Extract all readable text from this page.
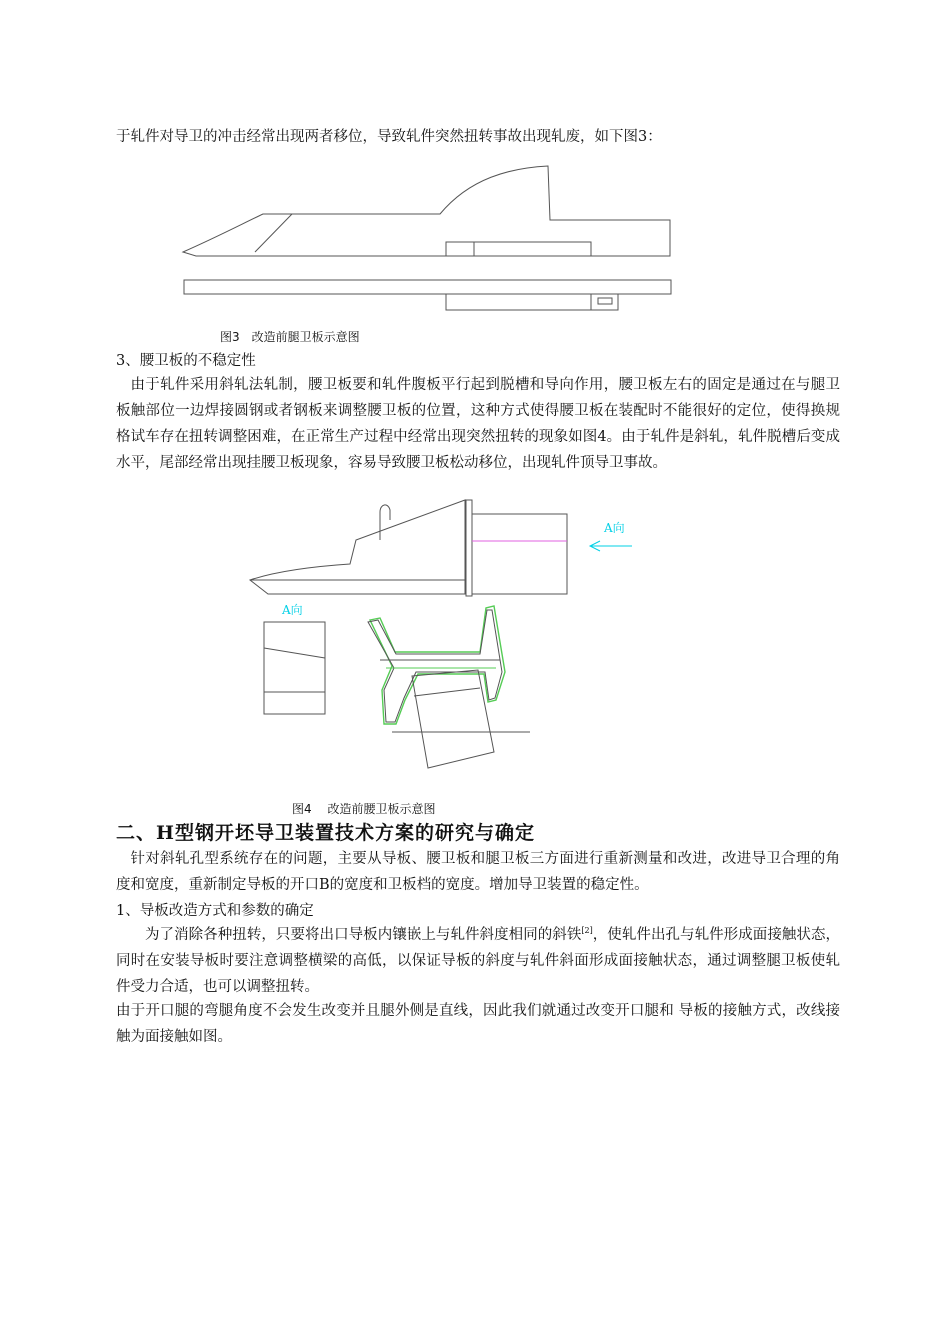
于轧件对导卫的冲击经常出现两者移位，导致轧件突然扭转事故出现轧废，如下图3：

图3　改造前腿卫板示意图

3、腰卫板的不稳定性

由于轧件采用斜轧法轧制，腰卫板要和轧件腹板平行起到脱槽和导向作用，腰卫板左右的固定是通过在与腿卫板触部位一边焊接圆钢或者钢板来调整腰卫板的位置，这种方式使得腰卫板在装配时不能很好的定位，使得换规格试车存在扭转调整困难，在正常生产过程中经常出现突然扭转的现象如图4。由于轧件是斜轧，轧件脱槽后变成水平，尾部经常出现挂腰卫板现象，容易导致腰卫板松动移位，出现轧件顶导卫事故。

A向
A向
图4　 改造前腰卫板示意图
二、H型钢开坯导卫装置技术方案的研究与确定

针对斜轧孔型系统存在的问题，主要从导板、腰卫板和腿卫板三方面进行重新测量和改进，改进导卫合理的角度和宽度，重新制定导板的开口B的宽度和卫板档的宽度。增加导卫装置的稳定性。

1、导板改造方式和参数的确定

为了消除各种扭转，只要将出口导板内镶嵌上与轧件斜度相同的斜铁[2]，使轧件出孔与轧件形成面接触状态，同时在安装导板时要注意调整横梁的高低，以保证导板的斜度与轧件斜面形成面接触状态，通过调整腿卫板使轧件受力合适，也可以调整扭转。

由于开口腿的弯腿角度不会发生改变并且腿外侧是直线，因此我们就通过改变开口腿和 导板的接触方式，改线接触为面接触如图。
